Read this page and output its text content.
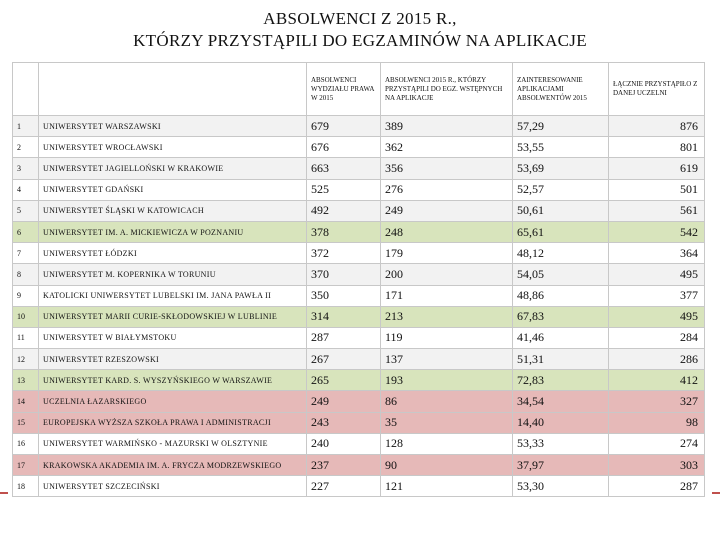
ABSOLWENCI Z 2015 R.,
KTÓRZY PRZYSTĄPILI DO EGZAMINÓW NA APLIKACJE
		ABSOLWENCI WYDZIAŁU PRAWA W 2015	ABSOLWENCI 2015 R., KTÓRZY PRZYSTĄPILI DO EGZ. WSTĘPNYCH NA APLIKACJE	ZAINTERESOWANIE APLIKACJAMI ABSOLWENTÓW 2015	ŁĄCZNIE PRZYSTĄPIŁO Z DANEJ UCZELNI
1	UNIWERSYTET WARSZAWSKI	679	389	57,29	876
2	UNIWERSYTET WROCŁAWSKI	676	362	53,55	801
3	UNIWERSYTET JAGIELLOŃSKI W KRAKOWIE	663	356	53,69	619
4	UNIWERSYTET GDAŃSKI	525	276	52,57	501
5	UNIWERSYTET ŚLĄSKI W KATOWICACH	492	249	50,61	561
6	UNIWERSYTET IM. A. MICKIEWICZA W POZNANIU	378	248	65,61	542
7	UNIWERSYTET ŁÓDZKI	372	179	48,12	364
8	UNIWERSYTET M. KOPERNIKA W TORUNIU	370	200	54,05	495
9	KATOLICKI UNIWERSYTET LUBELSKI IM. JANA PAWŁA II	350	171	48,86	377
10	UNIWERSYTET MARII CURIE-SKŁODOWSKIEJ W LUBLINIE	314	213	67,83	495
11	UNIWERSYTET W BIAŁYMSTOKU	287	119	41,46	284
12	UNIWERSYTET RZESZOWSKI	267	137	51,31	286
13	UNIWERSYTET KARD. S. WYSZYŃSKIEGO W WARSZAWIE	265	193	72,83	412
14	UCZELNIA ŁAZARSKIEGO	249	86	34,54	327
15	EUROPEJSKA WYŻSZA SZKOŁA PRAWA I ADMINISTRACJI	243	35	14,40	98
16	UNIWERSYTET WARMIŃSKO - MAZURSKI W OLSZTYNIE	240	128	53,33	274
17	KRAKOWSKA AKADEMIA IM. A. FRYCZA MODRZEWSKIEGO	237	90	37,97	303
18	UNIWERSYTET SZCZECIŃSKI	227	121	53,30	287
